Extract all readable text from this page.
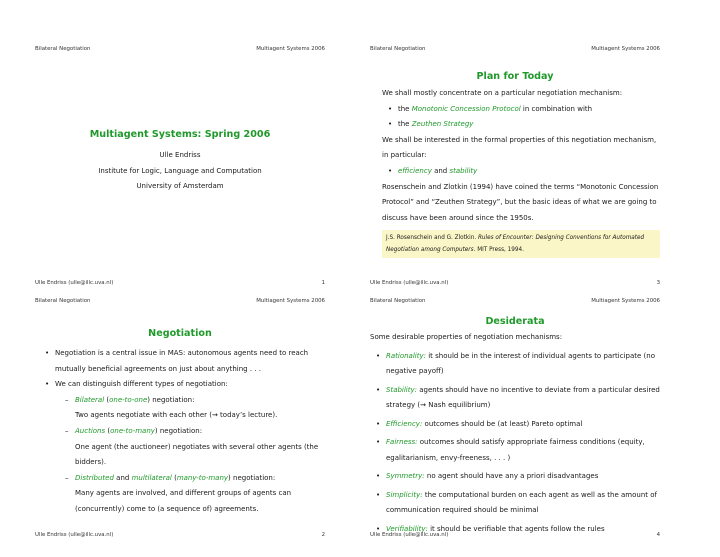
Bilateral Negotiation	Multiagent Systems 2006
Multiagent Systems: Spring 2006
Ulle Endriss
Institute for Logic, Language and Computation
University of Amsterdam
Ulle Endriss (ulle@illc.uva.nl)	1
Bilateral Negotiation	Multiagent Systems 2006
Plan for Today

We shall mostly concentrate on a particular negotiation mechanism:

• the Monotonic Concession Protocol in combination with
• the Zeuthen Strategy

We shall be interested in the formal properties of this negotiation mechanism, in particular:

• efficiency and stability

Rosenschein and Zlotkin (1994) have coined the terms “Monotonic Concession Protocol” and “Zeuthen Strategy”, but the basic ideas of what we are going to discuss have been around since the 1950s.

J.S. Rosenschein and G. Zlotkin. Rules of Encounter: Designing Conventions for Automated Negotiation among Computers. MIT Press, 1994.
Ulle Endriss (ulle@illc.uva.nl)	3
Bilateral Negotiation	Multiagent Systems 2006
Negotiation
• Negotiation is a central issue in MAS: autonomous agents need to reach mutually beneficial agreements on just about anything . . .
• We can distinguish different types of negotiation:
– Bilateral (one-to-one) negotiation:
Two agents negotiate with each other (⇝ today’s lecture).
– Auctions (one-to-many) negotiation:
One agent (the auctioneer) negotiates with several other agents (the bidders).
– Distributed and multilateral (many-to-many) negotiation:
Many agents are involved, and different groups of agents can (concurrently) come to (a sequence of) agreements.
Ulle Endriss (ulle@illc.uva.nl)	2
Bilateral Negotiation	Multiagent Systems 2006
Desiderata

Some desirable properties of negotiation mechanisms:

• Rationality: it should be in the interest of individual agents to participate (no negative payoff)
• Stability: agents should have no incentive to deviate from a particular desired strategy (⇝ Nash equilibrium)
• Efficiency: outcomes should be (at least) Pareto optimal
• Fairness: outcomes should satisfy appropriate fairness conditions (equity, egalitarianism, envy-freeness, . . . )
• Symmetry: no agent should have any a priori disadvantages
• Simplicity: the computational burden on each agent as well as the amount of communication required should be minimal
• Verifiability: it should be verifiable that agents follow the rules
Ulle Endriss (ulle@illc.uva.nl)	4
